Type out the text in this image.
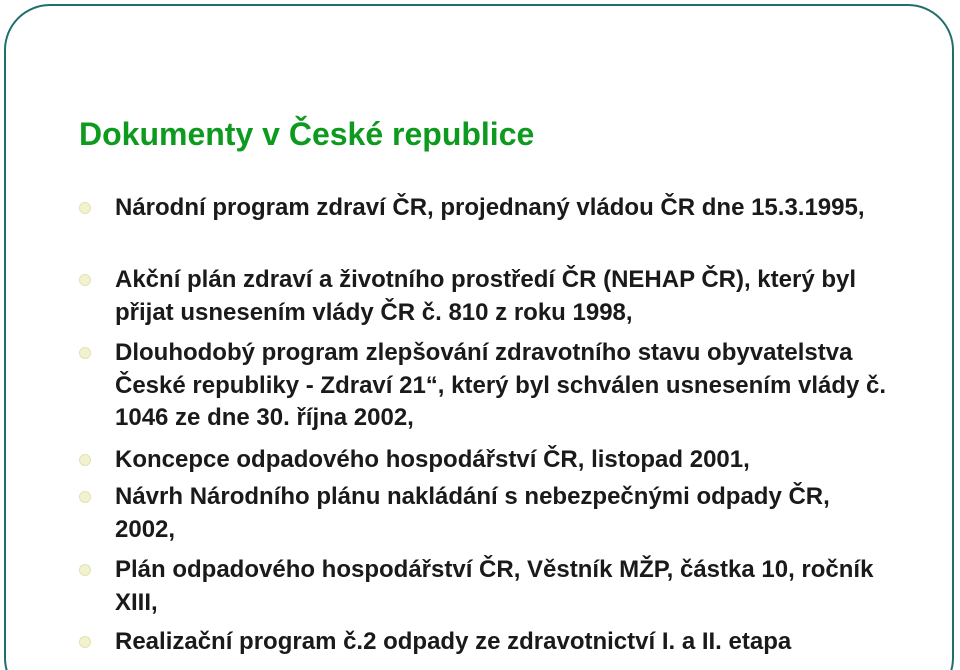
Dokumenty v České republice

Národní program zdraví ČR, projednaný vládou ČR dne 15.3.1995,

Akční plán zdraví a životního prostředí ČR (NEHAP ČR), který byl přijat usnesením vlády ČR č. 810 z roku 1998,

Dlouhodobý program zlepšování zdravotního stavu obyvatelstva České republiky - Zdraví 21“, který byl schválen usnesením vlády č. 1046 ze dne 30. října 2002,

Koncepce odpadového hospodářství ČR, listopad 2001,

Návrh Národního plánu nakládání s nebezpečnými odpady ČR, 2002,

Plán odpadového hospodářství ČR, Věstník MŽP, částka 10, ročník XIII,

Realizační program č.2 odpady ze zdravotnictví I. a II. etapa
